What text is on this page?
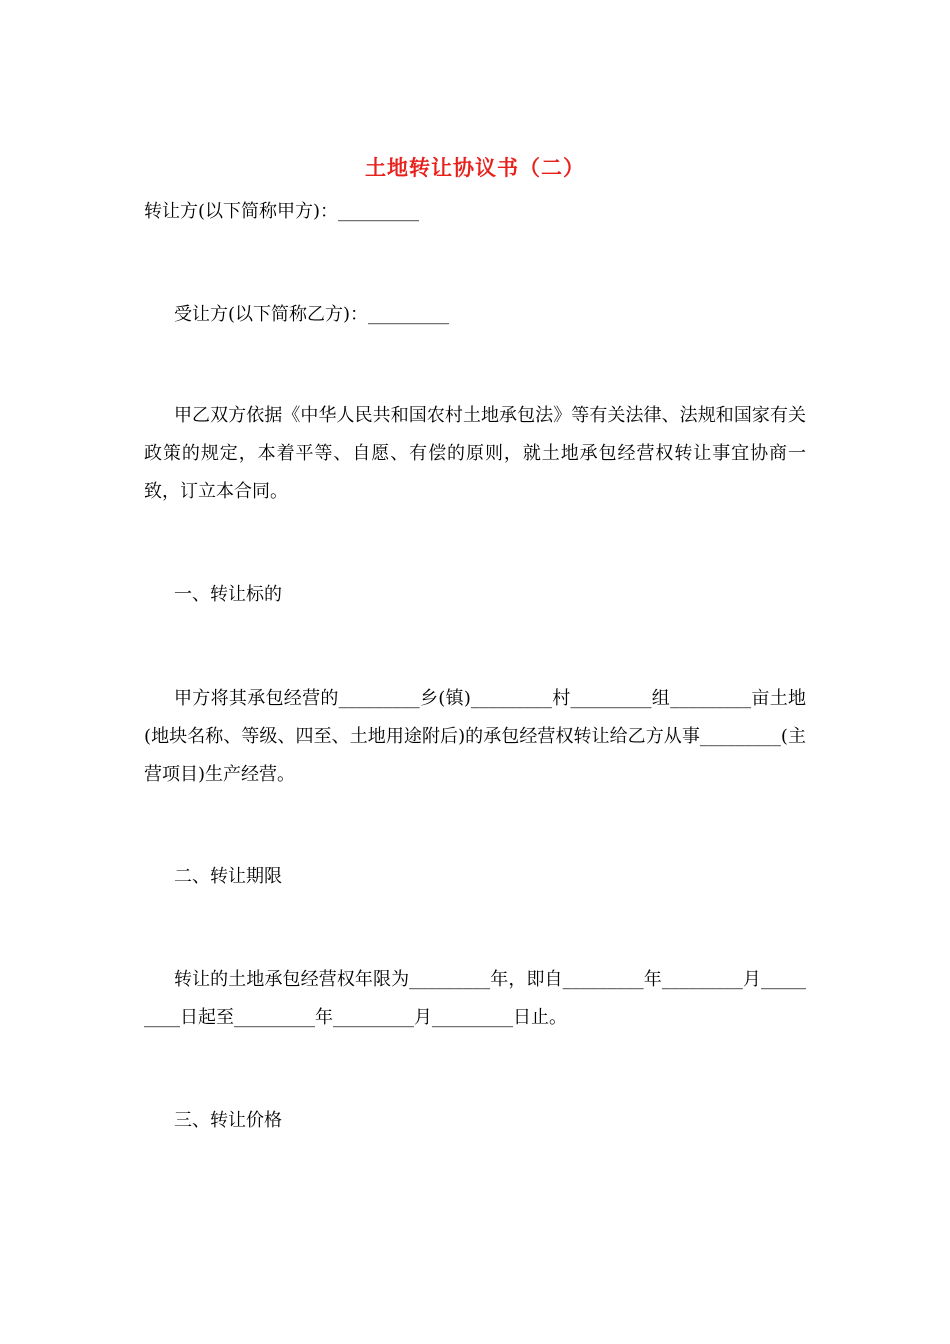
土地转让协议书（二）
转让方(以下简称甲方)：_________
受让方(以下简称乙方)：_________
甲乙双方依据《中华人民共和国农村土地承包法》等有关法律、法规和国家有关政策的规定，本着平等、自愿、有偿的原则，就土地承包经营权转让事宜协商一致，订立本合同。
一、转让标的
甲方将其承包经营的_________乡(镇)_________村_________组_________亩土地(地块名称、等级、四至、土地用途附后)的承包经营权转让给乙方从事_________(主营项目)生产经营。
二、转让期限
转让的土地承包经营权年限为_________年，即自_________年_________月_________日起至_________年_________月_________日止。
三、转让价格
